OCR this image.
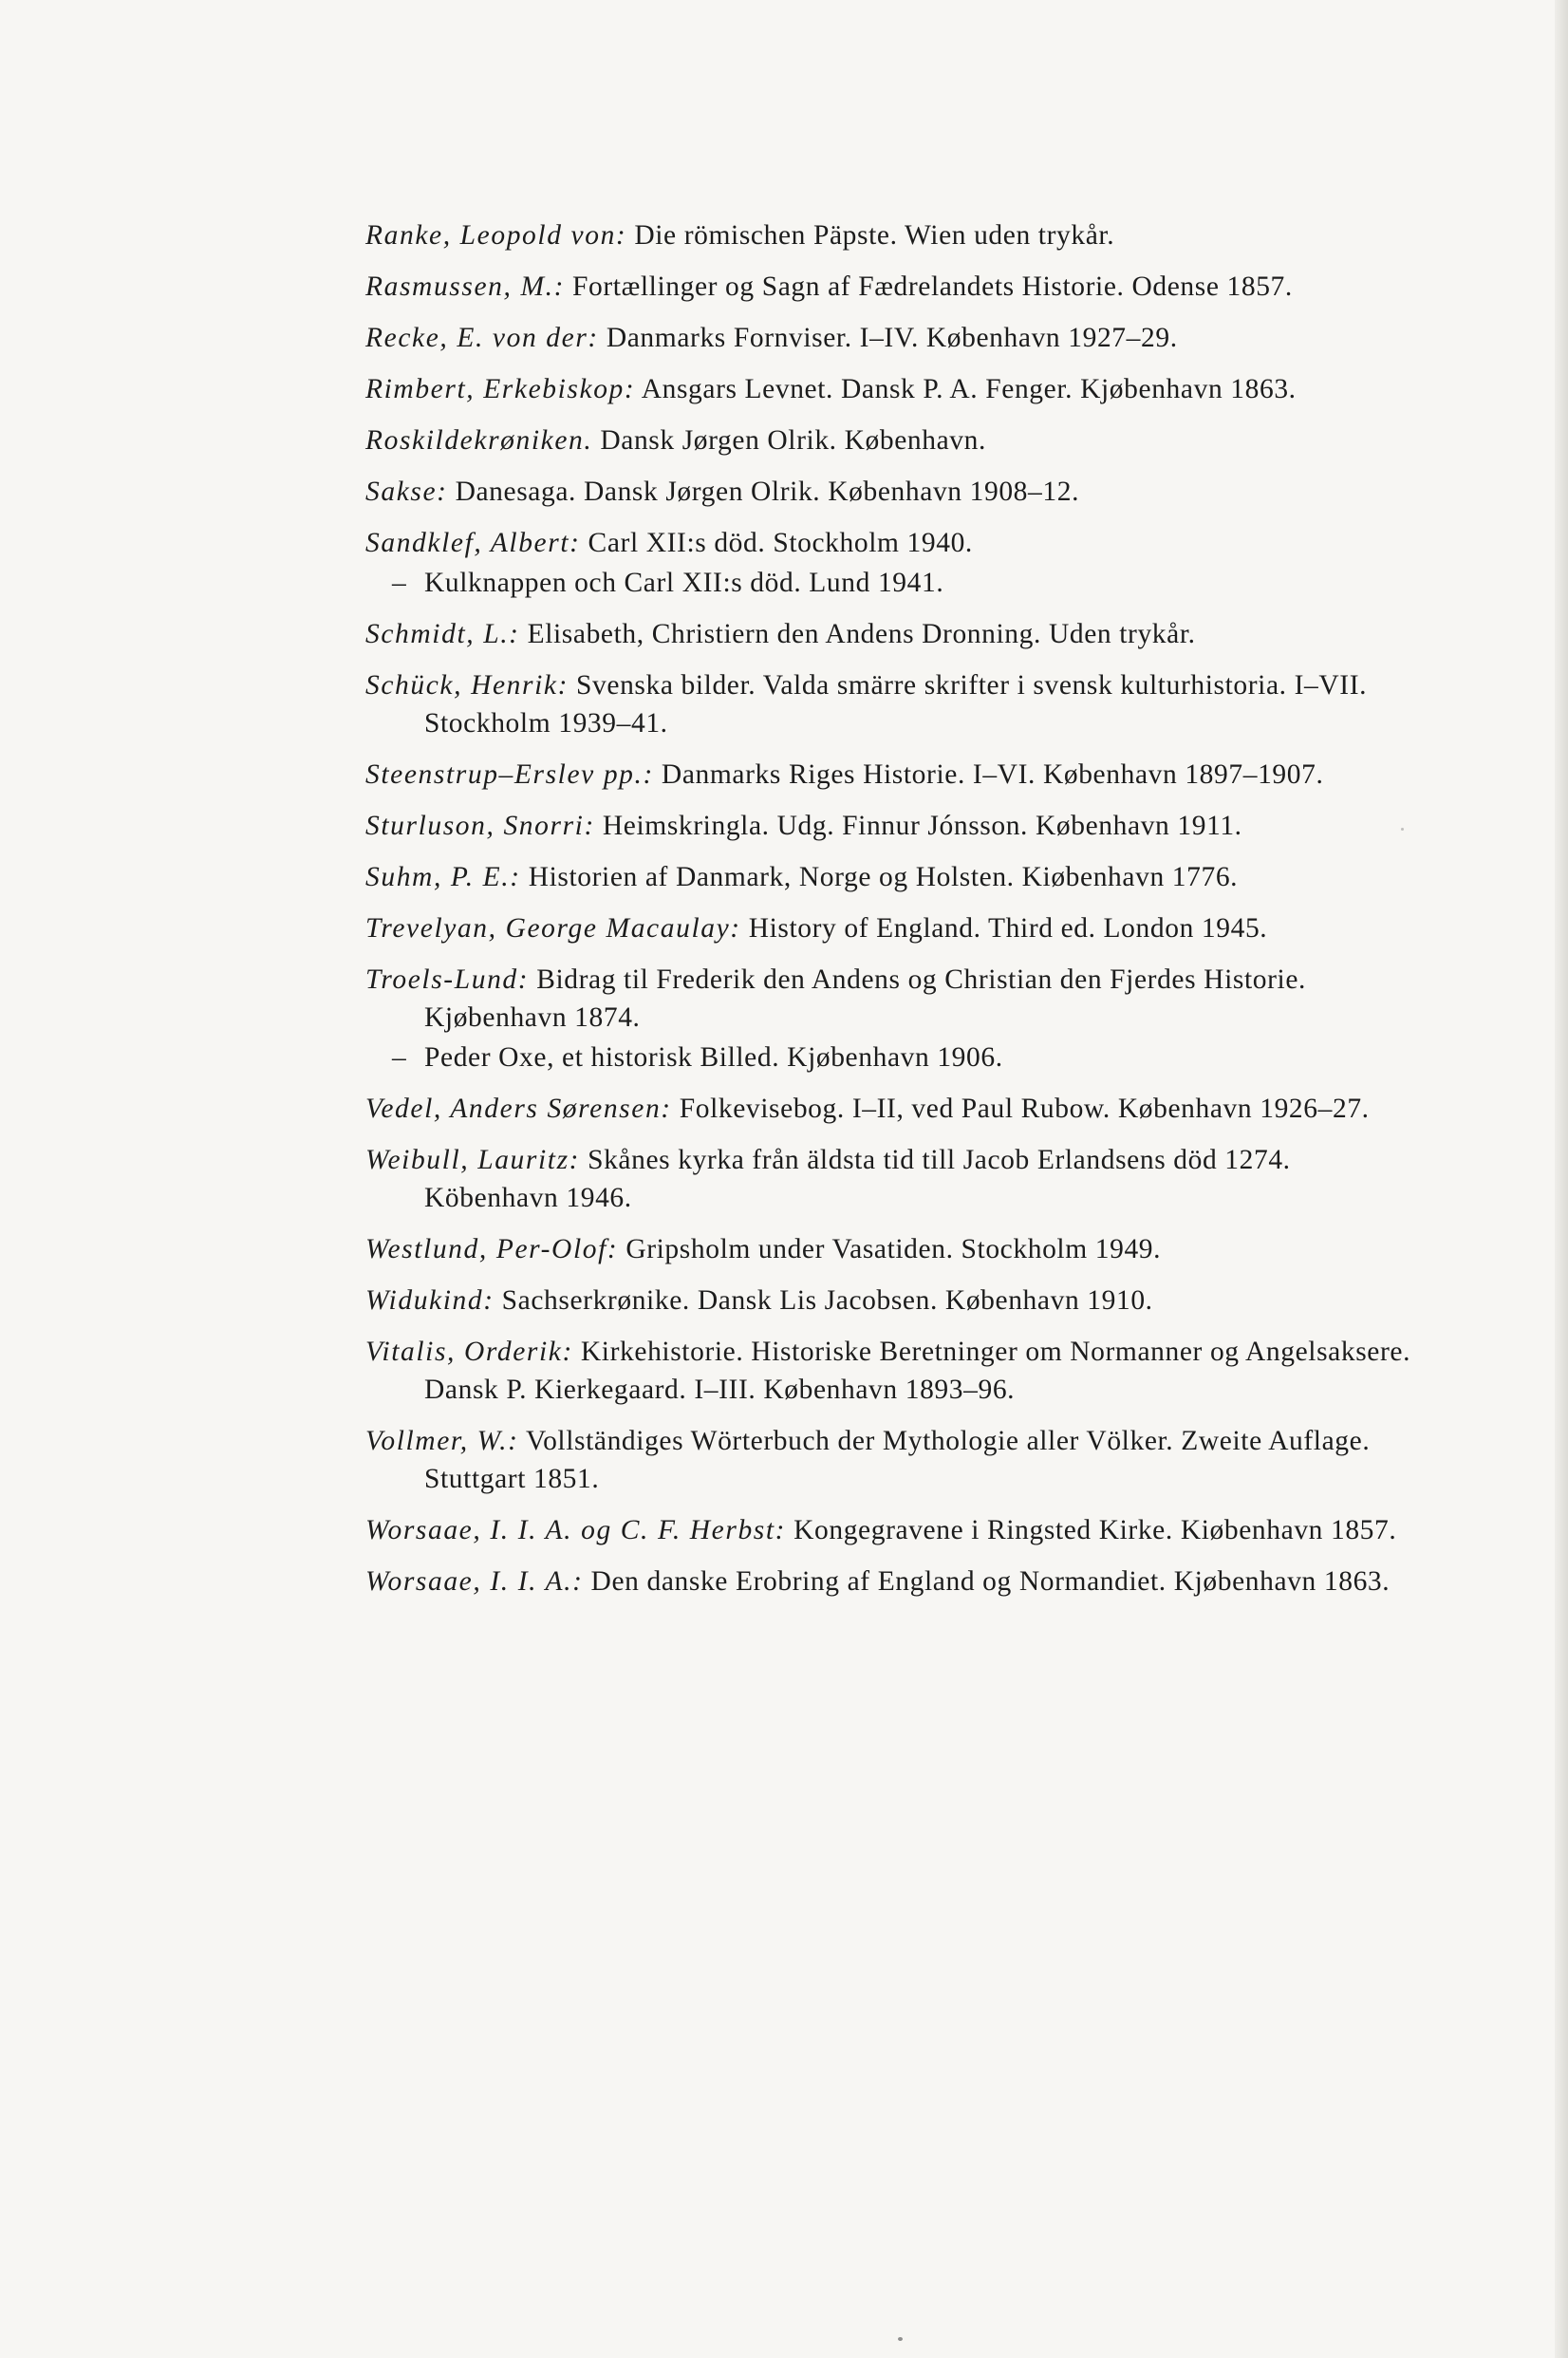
Ranke, Leopold von: Die römischen Päpste. Wien uden trykår.

Rasmussen, M.: Fortællinger og Sagn af Fædrelandets Historie. Odense 1857.

Recke, E. von der: Danmarks Fornviser. I–IV. København 1927–29.

Rimbert, Erkebiskop: Ansgars Levnet. Dansk P. A. Fenger. Kjøbenhavn 1863.

Roskildekrøniken. Dansk Jørgen Olrik. København.

Sakse: Danesaga. Dansk Jørgen Olrik. København 1908–12.

Sandklef, Albert: Carl XII:s död. Stockholm 1940.

– Kulknappen och Carl XII:s död. Lund 1941.

Schmidt, L.: Elisabeth, Christiern den Andens Dronning. Uden trykår.

Schück, Henrik: Svenska bilder. Valda smärre skrifter i svensk kulturhistoria. I–VII. Stockholm 1939–41.

Steenstrup–Erslev pp.: Danmarks Riges Historie. I–VI. København 1897–1907.

Sturluson, Snorri: Heimskringla. Udg. Finnur Jónsson. København 1911.

Suhm, P. E.: Historien af Danmark, Norge og Holsten. Kiøbenhavn 1776.

Trevelyan, George Macaulay: History of England. Third ed. London 1945.

Troels-Lund: Bidrag til Frederik den Andens og Christian den Fjerdes Historie. Kjøbenhavn 1874.

– Peder Oxe, et historisk Billed. Kjøbenhavn 1906.

Vedel, Anders Sørensen: Folkevisebog. I–II, ved Paul Rubow. København 1926–27.

Weibull, Lauritz: Skånes kyrka från äldsta tid till Jacob Erlandsens död 1274. Köbenhavn 1946.

Westlund, Per-Olof: Gripsholm under Vasatiden. Stockholm 1949.

Widukind: Sachserkrønike. Dansk Lis Jacobsen. København 1910.

Vitalis, Orderik: Kirkehistorie. Historiske Beretninger om Normanner og Angelsaksere. Dansk P. Kierkegaard. I–III. København 1893–96.

Vollmer, W.: Vollständiges Wörterbuch der Mythologie aller Völker. Zweite Auflage. Stuttgart 1851.

Worsaae, I. I. A. og C. F. Herbst: Kongegravene i Ringsted Kirke. Kiøbenhavn 1857.

Worsaae, I. I. A.: Den danske Erobring af England og Normandiet. Kjøbenhavn 1863.
